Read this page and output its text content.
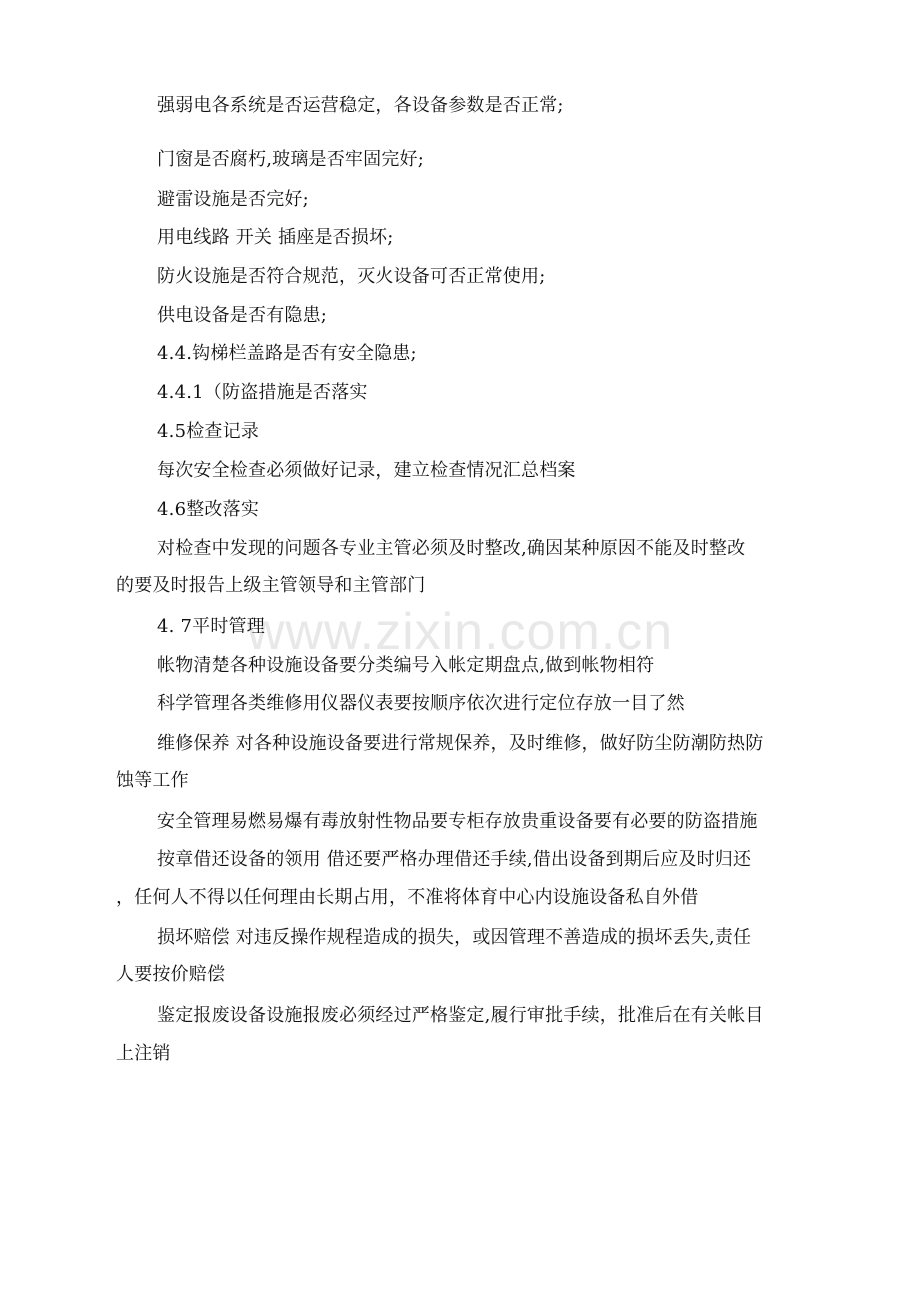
www.zixin.com.cn
强弱电各系统是否运营稳定，各设备参数是否正常;
门窗是否腐朽,玻璃是否牢固完好;
避雷设施是否完好;
用电线路 开关 插座是否损坏;
防火设施是否符合规范，灭火设备可否正常使用;
供电设备是否有隐患;
4.4.钩梯栏盖路是否有安全隐患;
4.4.1（防盗措施是否落实
4.5检查记录
每次安全检查必须做好记录，建立检查情况汇总档案
4.6整改落实
对检查中发现的问题各专业主管必须及时整改,确因某种原因不能及时整改
的要及时报告上级主管领导和主管部门
4. 7平时管理
帐物清楚各种设施设备要分类编号入帐定期盘点,做到帐物相符
科学管理各类维修用仪器仪表要按顺序依次进行定位存放一目了然
维修保养 对各种设施设备要进行常规保养，及时维修，做好防尘防潮防热防
蚀等工作
安全管理易燃易爆有毒放射性物品要专柜存放贵重设备要有必要的防盗措施
按章借还设备的领用 借还要严格办理借还手续,借出设备到期后应及时归还
，任何人不得以任何理由长期占用，不准将体育中心内设施设备私自外借
损坏赔偿 对违反操作规程造成的损失，或因管理不善造成的损坏丢失,责任
人要按价赔偿
鉴定报废设备设施报废必须经过严格鉴定,履行审批手续，批准后在有关帐目
上注销
